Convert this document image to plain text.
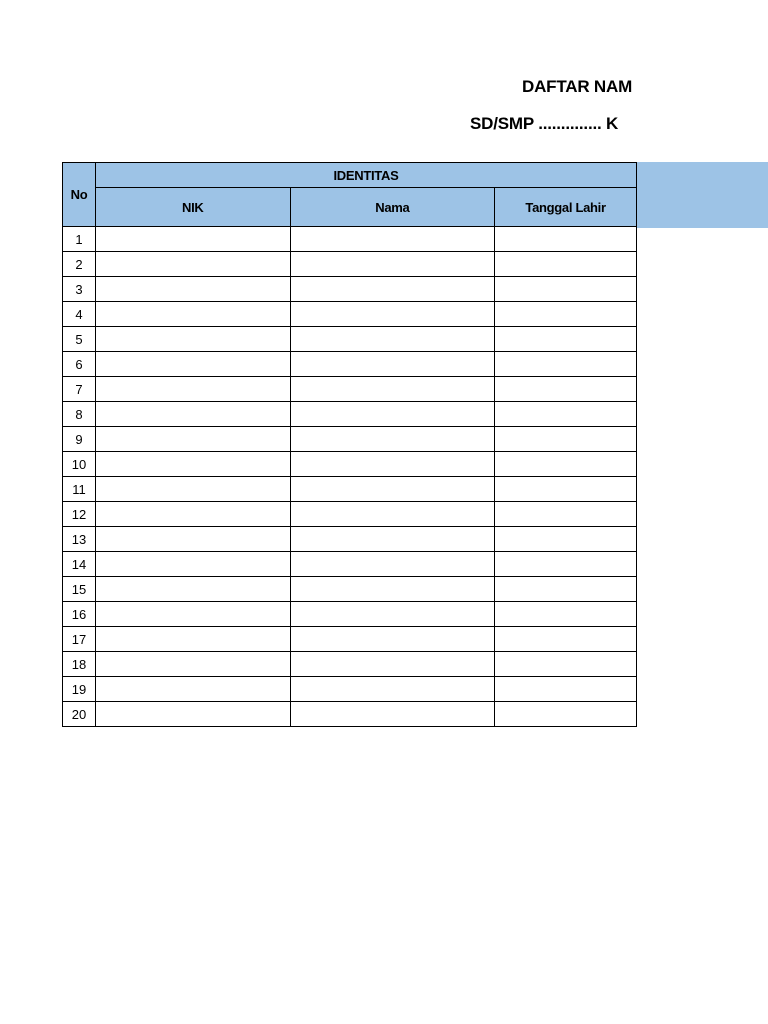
DAFTAR NAM
SD/SMP .............. K
No	IDENTITAS		
	NIK	Nama	Tanggal Lahir
1			
2			
3			
4			
5			
6			
7			
8			
9			
10			
11			
12			
13			
14			
15			
16			
17			
18			
19			
20			
